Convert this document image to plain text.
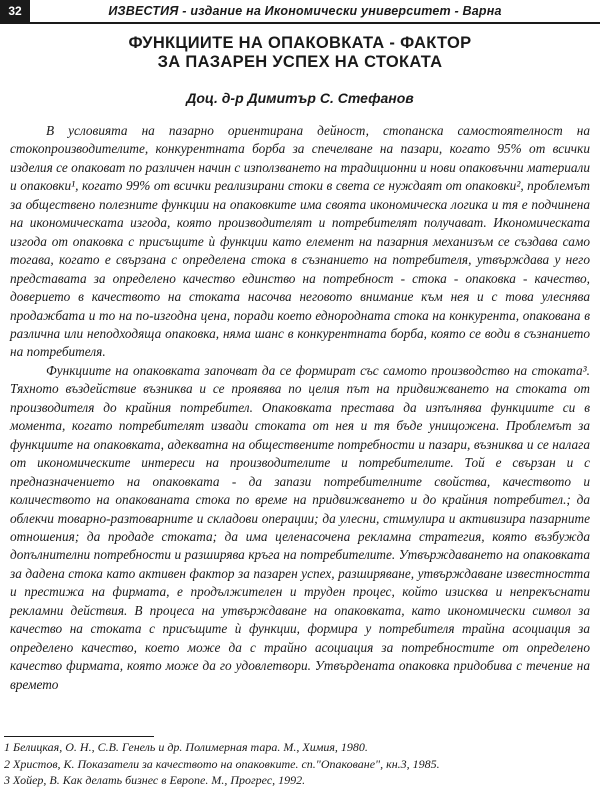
32	ИЗВЕСТИЯ - издание на Икономически университет - Варна
ФУНКЦИИТЕ НА ОПАКОВКАТА - ФАКТОР
ЗА ПАЗАРЕН УСПЕХ НА СТОКАТА
Доц. д-р Димитър С. Стефанов

В условията на пазарно ориентирана дейност, стопанска самостоятелност на стокопроизводителите, конкурентната борба за спечелване на пазари, когато 95% от всички изделия се опаковат по различен начин с използването на традиционни и нови опаковъчни материали и опаковки¹, когато 99% от всички реализирани стоки в света се нуждаят от опаковки², проблемът за обществено полезните функции на опаковките има своята икономическа логика и тя е подчинена на икономическата изгода, която производителят и потребителят получават. Икономическата изгода от опаковка с присъщите ѝ функции като елемент на пазарния механизъм се създава само тогава, когато е свързана с определена стока в съзнанието на потребителя, утвърждава у него представата за определено качество единство на потребност - стока - опаковка - качество, доверието в качеството на стоката насочва неговото внимание към нея и с това улеснява продажбата и то на по-изгодна цена, поради което еднородната стока на конкурента, опакована в различна или неподходяща опаковка, няма шанс в конкурентната борба, която се води в съзнанието на потребителя.

Функциите на опаковката започват да се формират със самото производство на стоката³. Тяхното въздействие възниква и се проявява по целия път на придвижването на стоката от производителя до крайния потребител. Опаковката престава да изпълнява функциите си в момента, когато потребителят извади стоката от нея и тя бъде унищожена. Проблемът за функциите на опаковката, адекватна на обществените потребности и пазари, възниква и се налага от икономическите интереси на производителите и потребителите. Той е свързан и с предназначението на опаковката - да запази потребителните свойства, качеството и количеството на опакованата стока по време на придвижването и до крайния потребител.; да облекчи товарно-разтоварните и складови операции; да улесни, стимулира и активизира пазарните отношения; да продаде стоката; да има целенасочена рекламна стратегия, която възбужда допълнителни потребности и разширява кръга на потребителите. Утвърждаването на опаковката за дадена стока като активен фактор за пазарен успех, разширяване, утвърждаване известността и престижа на фирмата, е продължителен и труден процес, който изисква и непрекъснати рекламни действия. В процеса на утвърждаване на опаковката, като икономически символ за качество на стоката с присъщите ѝ функции, формира у потребителя трайна асоциация за определено качество, което може да с трайно асоциация за потребностите от определено качество фирмата, която може да го удовлетвори. Утвърдената опаковка придобива с течение на времето

1 Белицкая, О. Н., С.В. Генель и др. Полимерная тара. М., Химия, 1980.
2 Христов, К. Показатели за качеството на опаковките. сп."Опаковане", кн.3, 1985.
3 Хойер, В. Как делать бизнес в Европе. М., Прогрес, 1992.
